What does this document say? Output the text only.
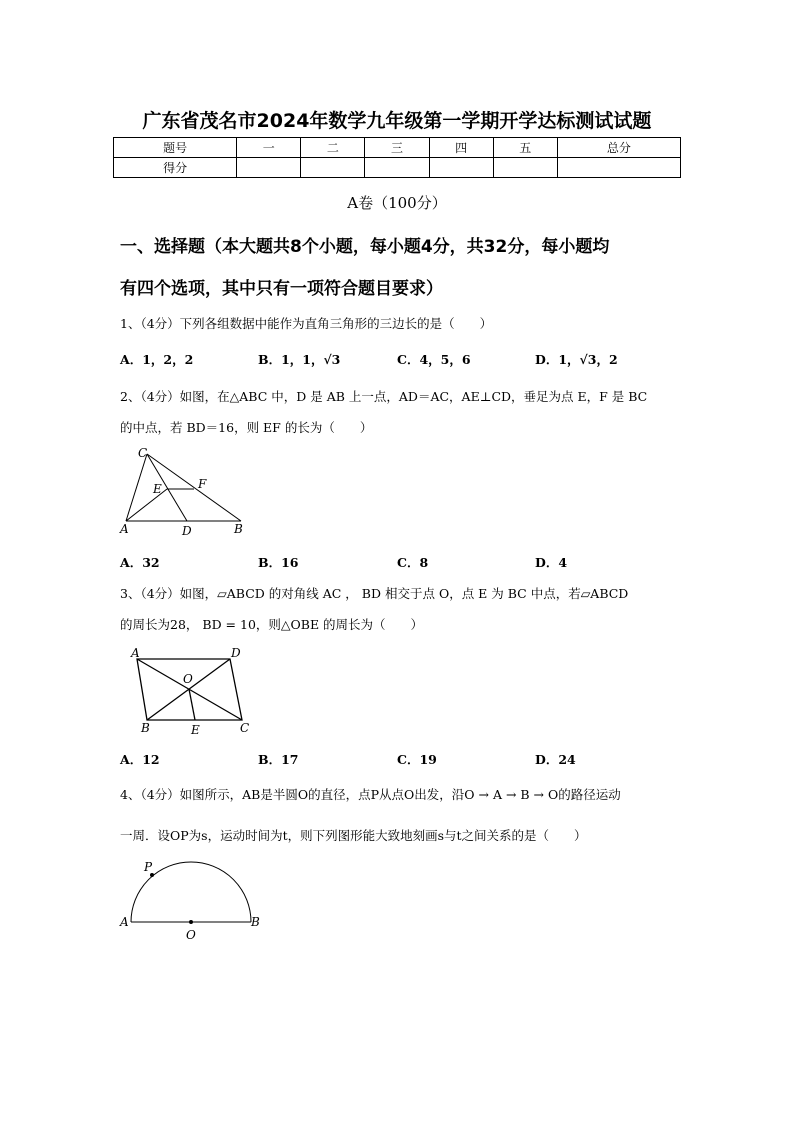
广东省茂名市2024年数学九年级第一学期开学达标测试试题
题号	一	二	三	四	五	总分
得分						
A卷（100分）
一、选择题（本大题共8个小题，每小题4分，共32分，每小题均
有四个选项，其中只有一项符合题目要求）
1、（4分）下列各组数据中能作为直角三角形的三边长的是（　　）
A．1，2，2	B．1，1，√3	C．4，5，6	D．1，√3，2
2、（4分）如图，在△ABC 中，D 是 AB 上一点，AD＝AC，AE⊥CD，垂足为点 E，F 是 BC
的中点，若 BD＝16，则 EF 的长为（　　）
C
E	F
A	D	B
A．32	B．16	C．8	D．4
3、（4分）如图，▱ABCD 的对角线 AC ， BD 相交于点 O，点 E 为 BC 中点，若▱ABCD
的周长为28， BD = 10，则△OBE 的周长为（　　）
A	D
O
B	E	C
A．12	B．17	C．19	D．24
4、（4分）如图所示，AB是半圆O的直径，点P从点O出发，沿O → A → B → O的路径运动
一周．设OP为s，运动时间为t，则下列图形能大致地刻画s与t之间关系的是（　　）
P
A
O
B
